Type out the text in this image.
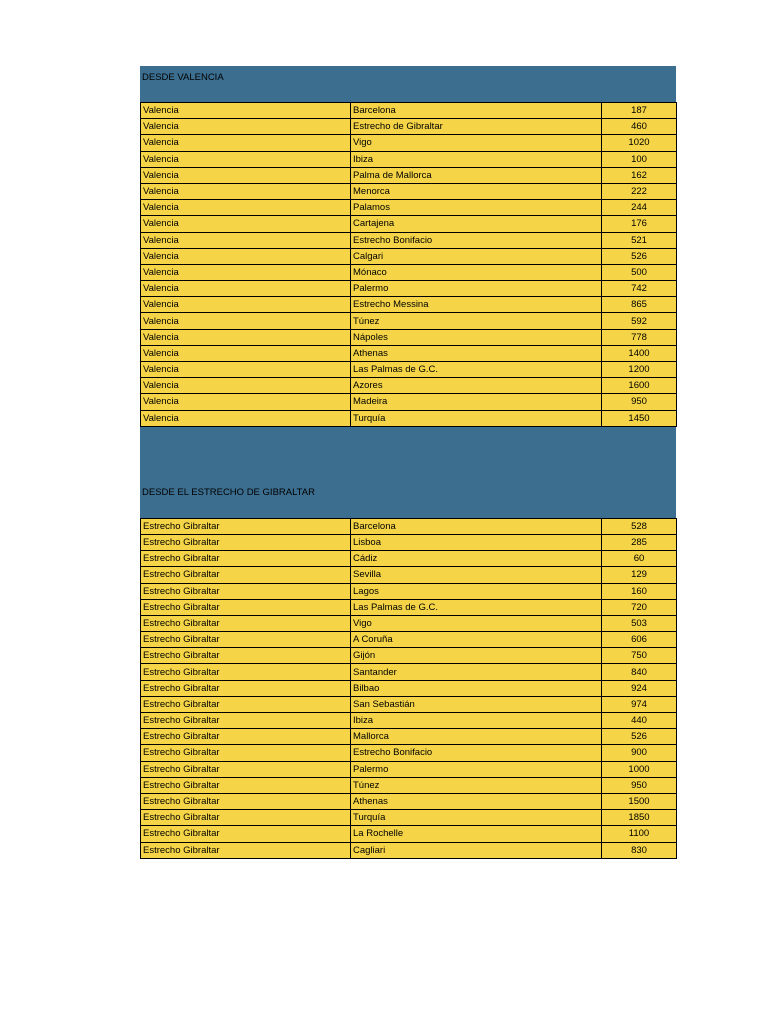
DESDE VALENCIA
Valencia	Barcelona	187
Valencia	Estrecho de Gibraltar	460
Valencia	Vigo	1020
Valencia	Ibiza	100
Valencia	Palma de Mallorca	162
Valencia	Menorca	222
Valencia	Palamos	244
Valencia	Cartajena	176
Valencia	Estrecho Bonifacio	521
Valencia	Calgari	526
Valencia	Mónaco	500
Valencia	Palermo	742
Valencia	Estrecho Messina	865
Valencia	Túnez	592
Valencia	Nápoles	778
Valencia	Athenas	1400
Valencia	Las Palmas de G.C.	1200
Valencia	Azores	1600
Valencia	Madeira	950
Valencia	Turquía	1450
DESDE EL ESTRECHO DE GIBRALTAR
Estrecho Gibraltar	Barcelona	528
Estrecho Gibraltar	Lisboa	285
Estrecho Gibraltar	Cádiz	60
Estrecho Gibraltar	Sevilla	129
Estrecho Gibraltar	Lagos	160
Estrecho Gibraltar	Las Palmas de G.C.	720
Estrecho Gibraltar	Vigo	503
Estrecho Gibraltar	A Coruña	606
Estrecho Gibraltar	Gijón	750
Estrecho Gibraltar	Santander	840
Estrecho Gibraltar	Bilbao	924
Estrecho Gibraltar	San Sebastián	974
Estrecho Gibraltar	Ibiza	440
Estrecho Gibraltar	Mallorca	526
Estrecho Gibraltar	Estrecho Bonifacio	900
Estrecho Gibraltar	Palermo	1000
Estrecho Gibraltar	Túnez	950
Estrecho Gibraltar	Athenas	1500
Estrecho Gibraltar	Turquía	1850
Estrecho Gibraltar	La Rochelle	1100
Estrecho Gibraltar	Cagliari	830
